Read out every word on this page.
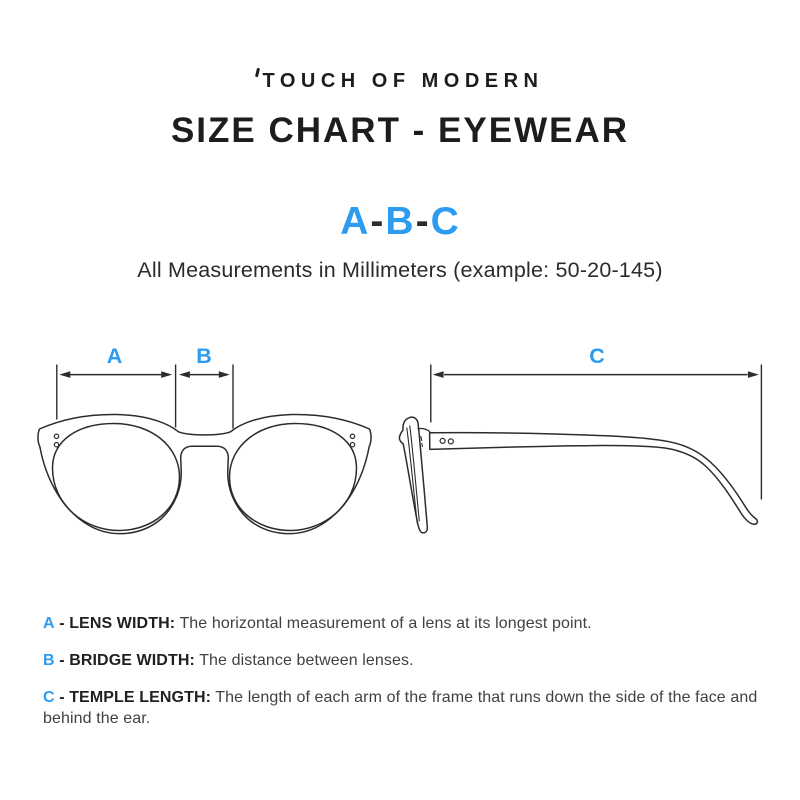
TOUCH OF MODERN
SIZE CHART - EYEWEAR
A-B-C
All Measurements in Millimeters (example: 50-20-145)
A	B	C
A - LENS WIDTH: The horizontal measurement of a lens at its longest point.
B - BRIDGE WIDTH: The distance between lenses.
C - TEMPLE LENGTH: The length of each arm of the frame that runs down the side of the face and behind the ear.
